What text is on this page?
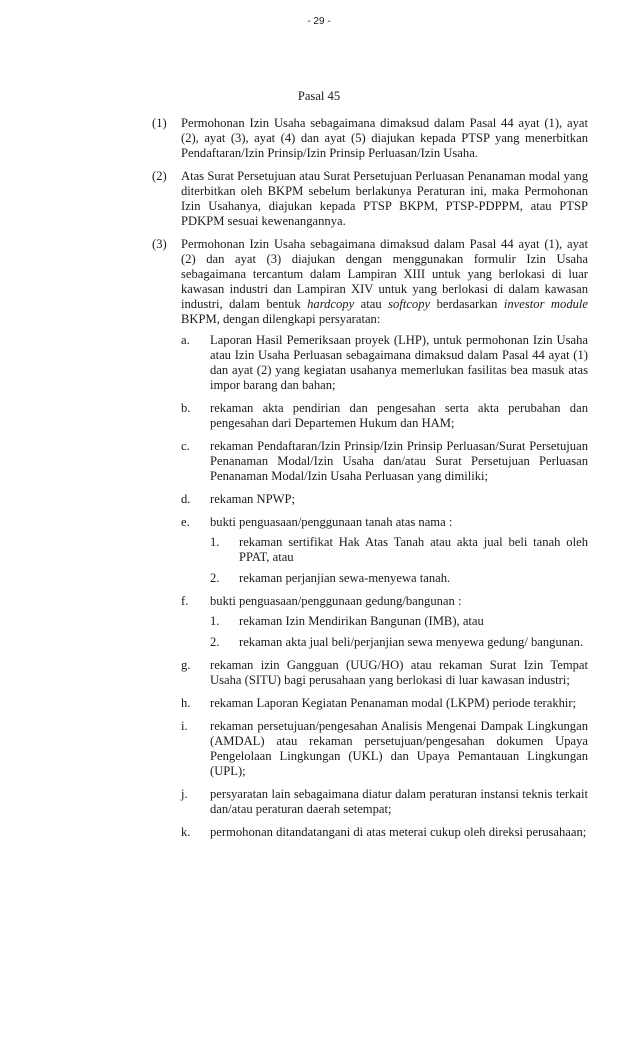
- 29 -
Pasal 45
(1) Permohonan Izin Usaha sebagaimana dimaksud dalam Pasal 44 ayat (1), ayat (2), ayat (3), ayat (4) dan ayat (5) diajukan kepada PTSP yang menerbitkan Pendaftaran/Izin Prinsip/Izin Prinsip Perluasan/Izin Usaha.
(2) Atas Surat Persetujuan atau Surat Persetujuan Perluasan Penanaman modal yang diterbitkan oleh BKPM sebelum berlakunya Peraturan ini, maka Permohonan Izin Usahanya, diajukan kepada PTSP BKPM, PTSP-PDPPM, atau PTSP PDKPM sesuai kewenangannya.
(3) Permohonan Izin Usaha sebagaimana dimaksud dalam Pasal 44 ayat (1), ayat (2) dan ayat (3) diajukan dengan menggunakan formulir Izin Usaha sebagaimana tercantum dalam Lampiran XIII untuk yang berlokasi di luar kawasan industri dan Lampiran XIV untuk yang berlokasi di dalam kawasan industri, dalam bentuk hardcopy atau softcopy berdasarkan investor module BKPM, dengan dilengkapi persyaratan:
a. Laporan Hasil Pemeriksaan proyek (LHP), untuk permohonan Izin Usaha atau Izin Usaha Perluasan sebagaimana dimaksud dalam Pasal 44 ayat (1) dan ayat (2) yang kegiatan usahanya memerlukan fasilitas bea masuk atas impor barang dan bahan;
b. rekaman akta pendirian dan pengesahan serta akta perubahan dan pengesahan dari Departemen Hukum dan HAM;
c. rekaman Pendaftaran/Izin Prinsip/Izin Prinsip Perluasan/Surat Persetujuan Penanaman Modal/Izin Usaha dan/atau Surat Persetujuan Perluasan Penanaman Modal/Izin Usaha Perluasan yang dimiliki;
d. rekaman NPWP;
e. bukti penguasaan/penggunaan tanah atas nama :
1. rekaman sertifikat Hak Atas Tanah atau akta jual beli tanah oleh PPAT, atau
2. rekaman perjanjian sewa-menyewa tanah.
f. bukti penguasaan/penggunaan gedung/bangunan :
1. rekaman Izin Mendirikan Bangunan (IMB), atau
2. rekaman akta jual beli/perjanjian sewa menyewa gedung/ bangunan.
g. rekaman izin Gangguan (UUG/HO) atau rekaman Surat Izin Tempat Usaha (SITU) bagi perusahaan yang berlokasi di luar kawasan industri;
h. rekaman Laporan Kegiatan Penanaman modal (LKPM) periode terakhir;
i. rekaman persetujuan/pengesahan Analisis Mengenai Dampak Lingkungan (AMDAL) atau rekaman persetujuan/pengesahan dokumen Upaya Pengelolaan Lingkungan (UKL) dan Upaya Pemantauan Lingkungan (UPL);
j. persyaratan lain sebagaimana diatur dalam peraturan instansi teknis terkait dan/atau peraturan daerah setempat;
k. permohonan ditandatangani di atas meterai cukup oleh direksi perusahaan;
